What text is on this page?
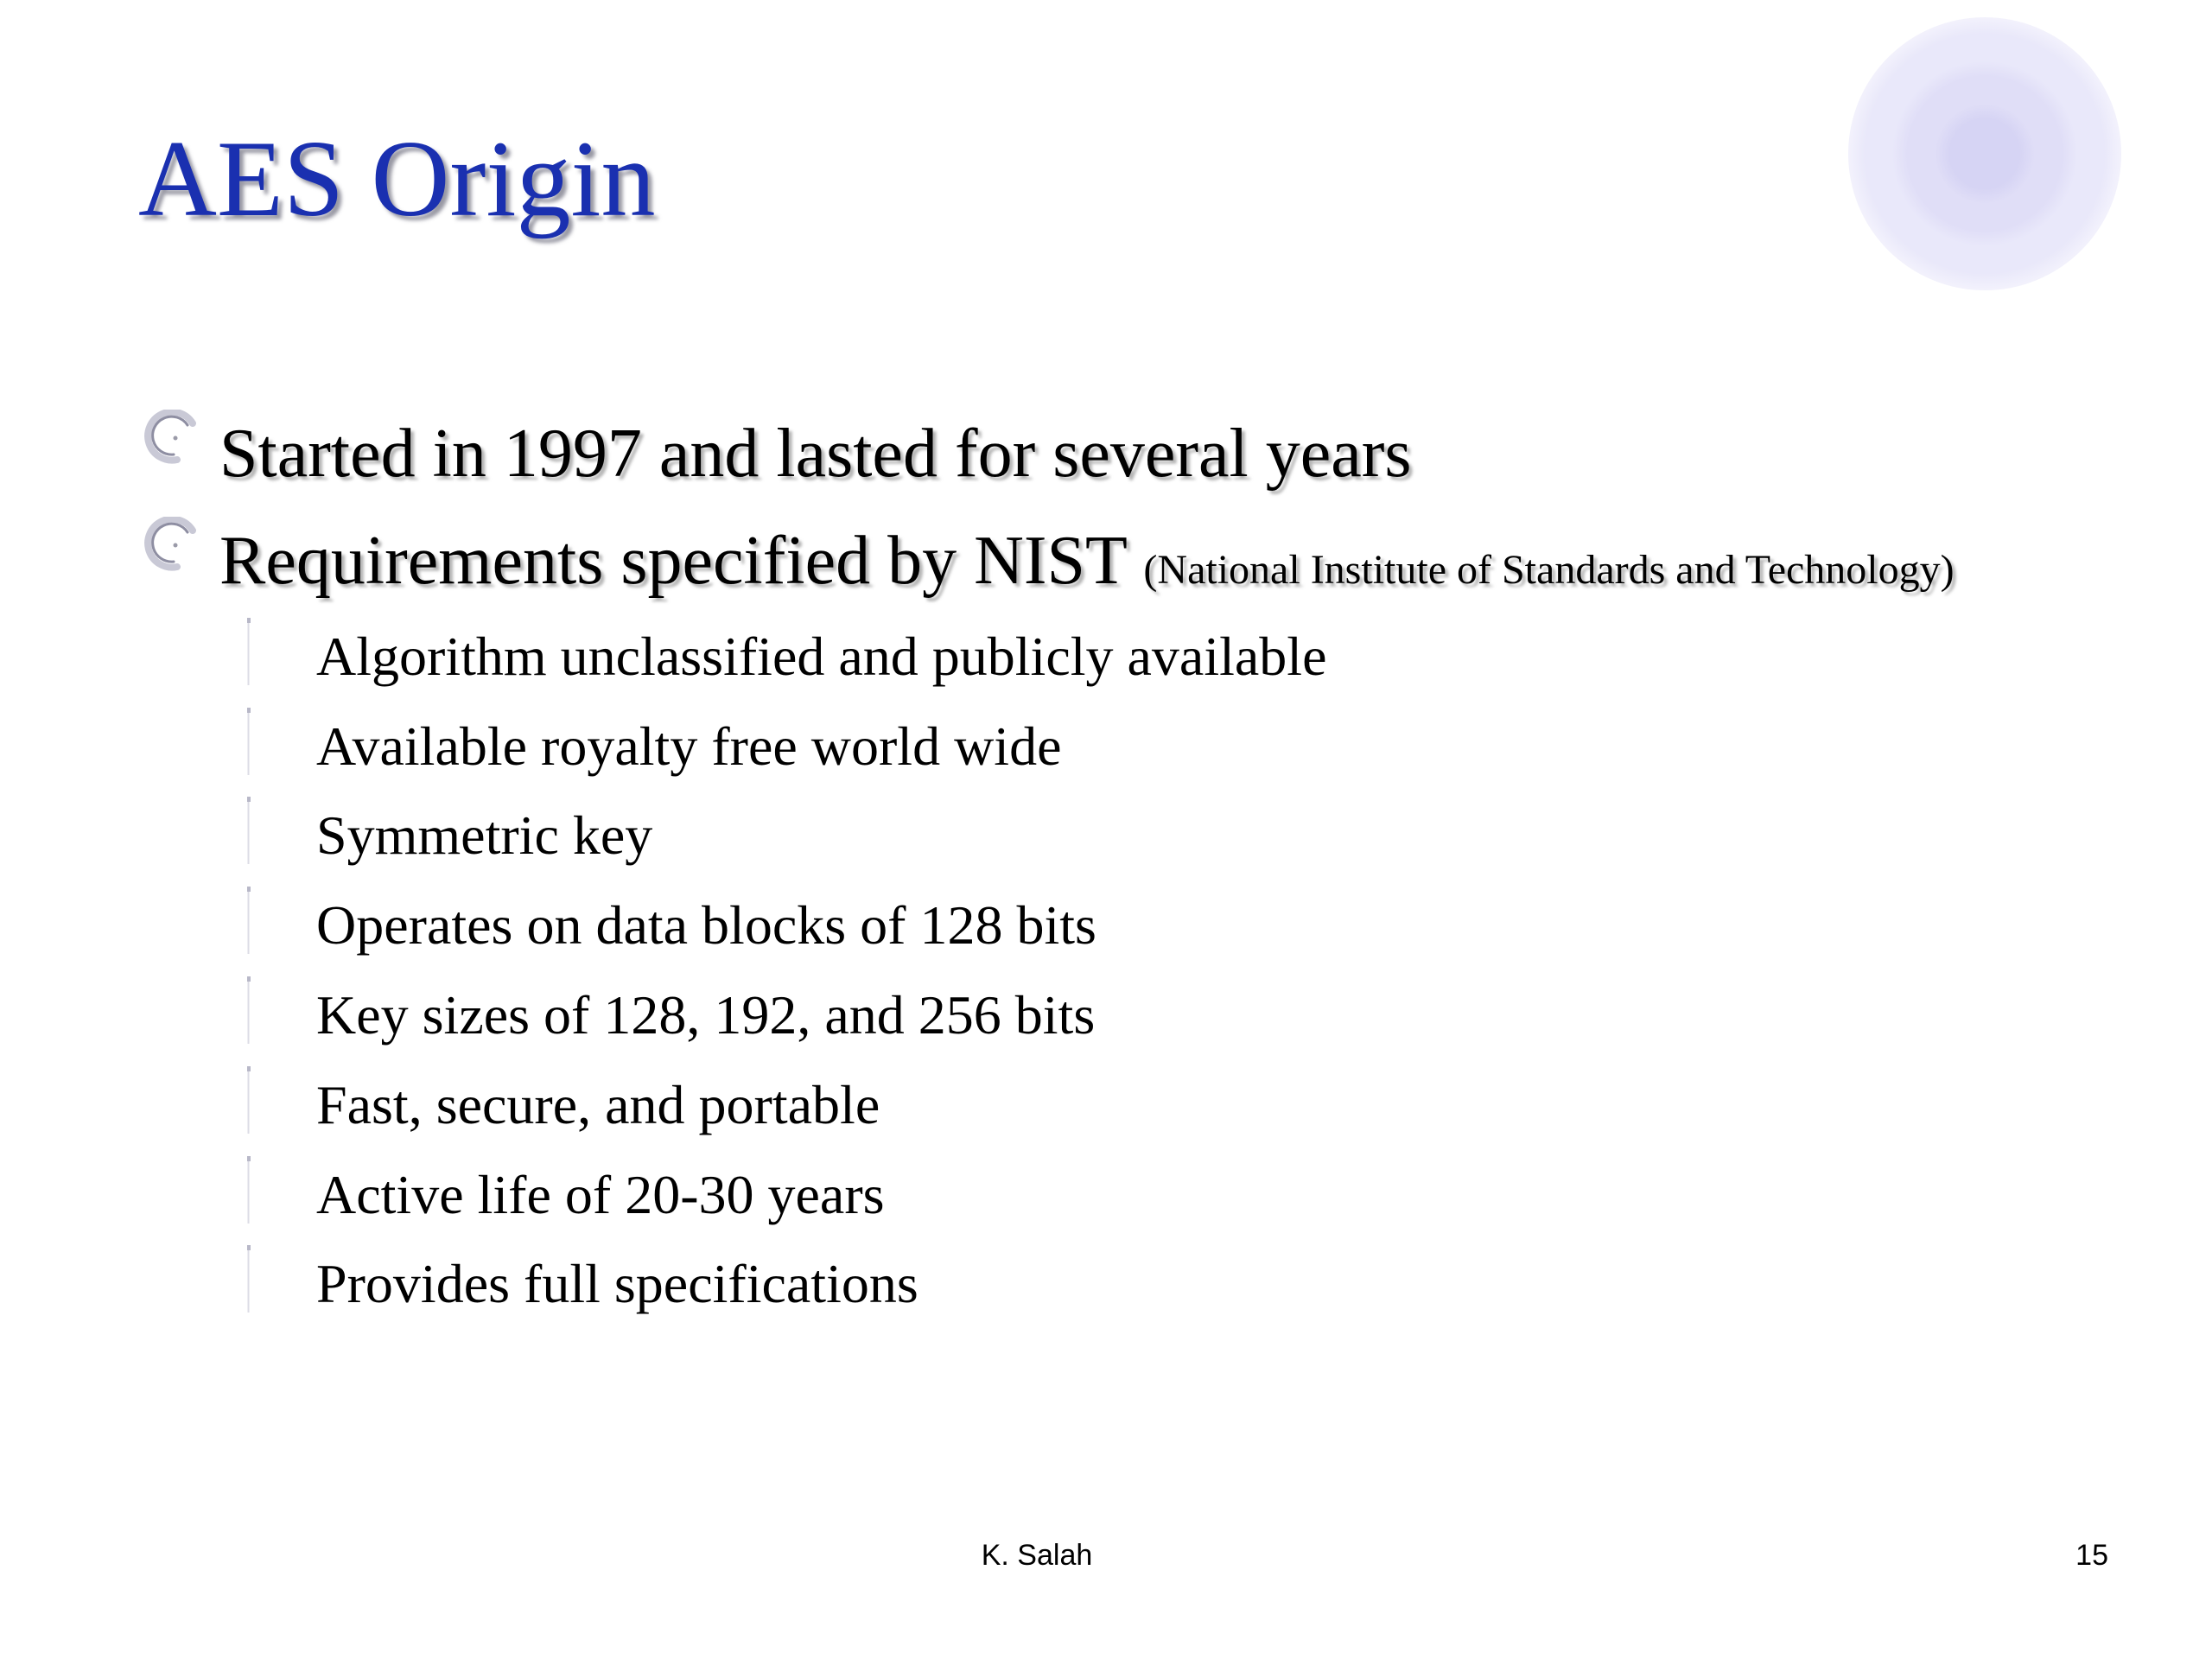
AES Origin
Started in 1997 and lasted for several years
Requirements specified by NIST (National Institute of Standards and Technology)
Algorithm unclassified and publicly available
Available royalty free world wide
Symmetric key
Operates on data blocks of 128 bits
Key sizes of 128, 192, and 256 bits
Fast, secure, and portable
Active life of 20-30 years
Provides full specifications
K. Salah	15
